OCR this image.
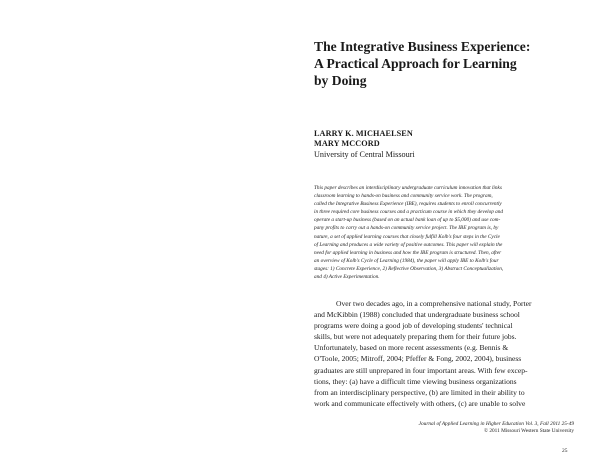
The Integrative Business Experience:
A Practical Approach for Learning
by Doing
LARRY K. MICHAELSEN
MARY MCCORD
University of Central Missouri
This paper describes an interdisciplinary undergraduate curriculum innovation that links
classroom learning to hands-on business and community service work. The program,
called the Integrative Business Experience (IBE), requires students to enroll concurrently
in three required core business courses and a practicum course in which they develop and
operate a start-up business (based on an actual bank loan of up to $5,000) and use com-
pany profits to carry out a hands-on community service project. The IBE program is, by
nature, a set of applied learning courses that closely fulfill Kolb's four steps in the Cycle
of Learning and produces a wide variety of positive outcomes. This paper will explain the
need for applied learning in business and how the IBE program is structured. Then, after
an overview of Kolb's Cycle of Learning (1984), the paper will apply IBE to Kolb's four
stages: 1) Concrete Experience, 2) Reflective Observation, 3) Abstract Conceptualization,
and 4) Active Experimentation.
Over two decades ago, in a comprehensive national study, Porter
and McKibbin (1988) concluded that undergraduate business school
programs were doing a good job of developing students' technical
skills, but were not adequately preparing them for their future jobs.
Unfortunately, based on more recent assessments (e.g. Bennis &
O'Toole, 2005; Mitroff, 2004; Pfeffer & Fong, 2002, 2004), business
graduates are still unprepared in four important areas. With few excep-
tions, they: (a) have a difficult time viewing business organizations
from an interdisciplinary perspective, (b) are limited in their ability to
work and communicate effectively with others, (c) are unable to solve
Journal of Applied Learning in Higher Education Vol. 3, Fall 2011 25-49
© 2011 Missouri Western State University
25
